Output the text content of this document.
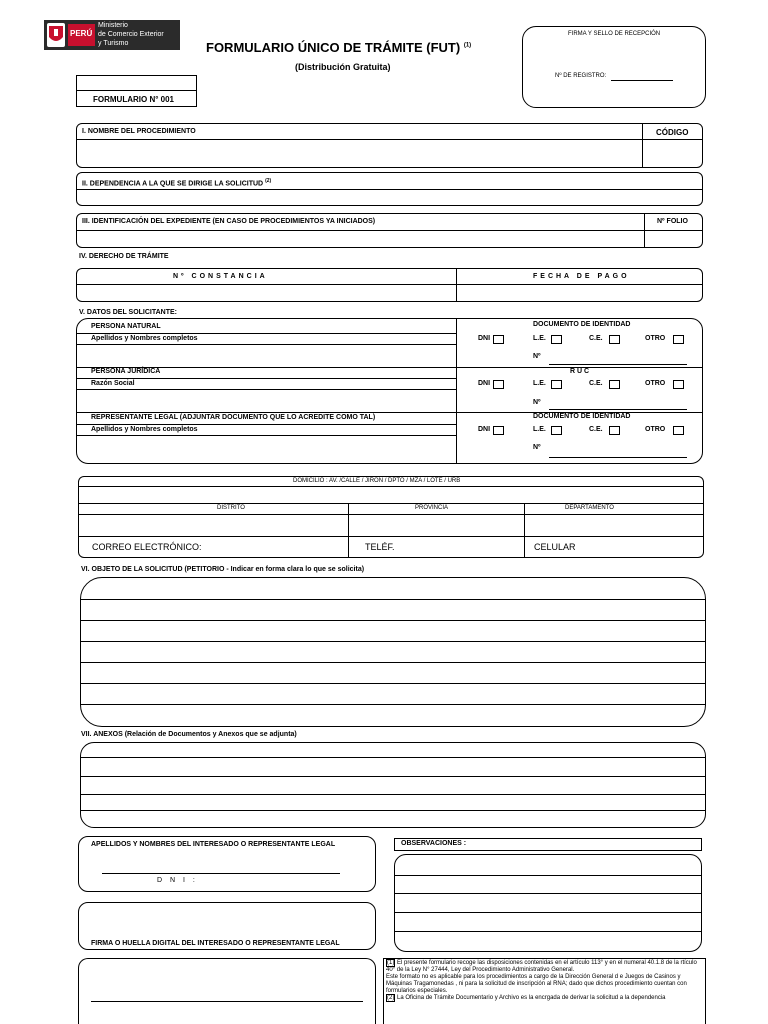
PERÚ
Ministerio
de Comercio Exterior
y Turismo	FORMULARIO ÚNICO DE TRÁMITE (FUT) $^{(1)}$
(Distribución Gratuita)
FORMULARIO N° 001
FIRMA Y SELLO DE RECEPCIÓN
Nº DE REGISTRO:
I. NOMBRE DEL PROCEDIMIENTO	CÓDIGO
II. DEPENDENCIA A LA QUE SE DIRIGE LA SOLICITUD $^{(2)}$
III. IDENTIFICACIÓN DEL EXPEDIENTE (EN CASO DE PROCEDIMIENTOS YA INICIADOS)	Nº FOLIO
IV. DERECHO DE TRÁMITE
Nº CONSTANCIA	FECHA DE PAGO
V. DATOS DEL SOLICITANTE:
PERSONA NATURAL
Apellidos y Nombres completos
DOCUMENTO DE IDENTIDAD
DNI	L.E.	C.E.	OTRO
Nº
PERSONA JURÍDICA
Razón Social
R U C
DNI	L.E.	C.E.	OTRO
Nº
REPRESENTANTE LEGAL (ADJUNTAR DOCUMENTO QUE LO ACREDITE COMO TAL)
Apellidos y Nombres completos
DOCUMENTO DE IDENTIDAD
DNI	L.E.	C.E.	OTRO
Nº
DOMICILIO : AV. /CALLE / JIRÓN / DPTO / MZA / LOTE / URB
DISTRITO	PROVINCIA	DEPARTAMENTO
CORREO ELECTRÓNICO:	TELÉF.	CELULAR
VI. OBJETO DE LA SOLICITUD (PETITORIO - Indicar en forma clara lo que se solicita)
VII. ANEXOS (Relación de Documentos y Anexos que se adjunta)
APELLIDOS Y NOMBRES DEL INTERESADO O REPRESENTANTE LEGAL
D N I :
FIRMA O HUELLA DIGITAL DEL INTERESADO O REPRESENTANTE LEGAL
OBSERVACIONES :
(1) El presente formulario recoge las disposiciones contenidas en el artículo 113° y en el numeral 40.1.8 de la rtículo 40° de la Ley N° 27444, Ley del Procedimiento Administrativo General.
Este formato no es aplicable para los procedimientos a cargo de la Dirección General d e Juegos de Casinos y Máquinas Tragamonedas , ni para la solicitud de inscripción al RNA; dado que dichos procedimiento cuentan con formularios especiales.
(2) La Oficina de Trámite Documentario y Archivo es la encrgada de derivar la solicitud a la dependencia
